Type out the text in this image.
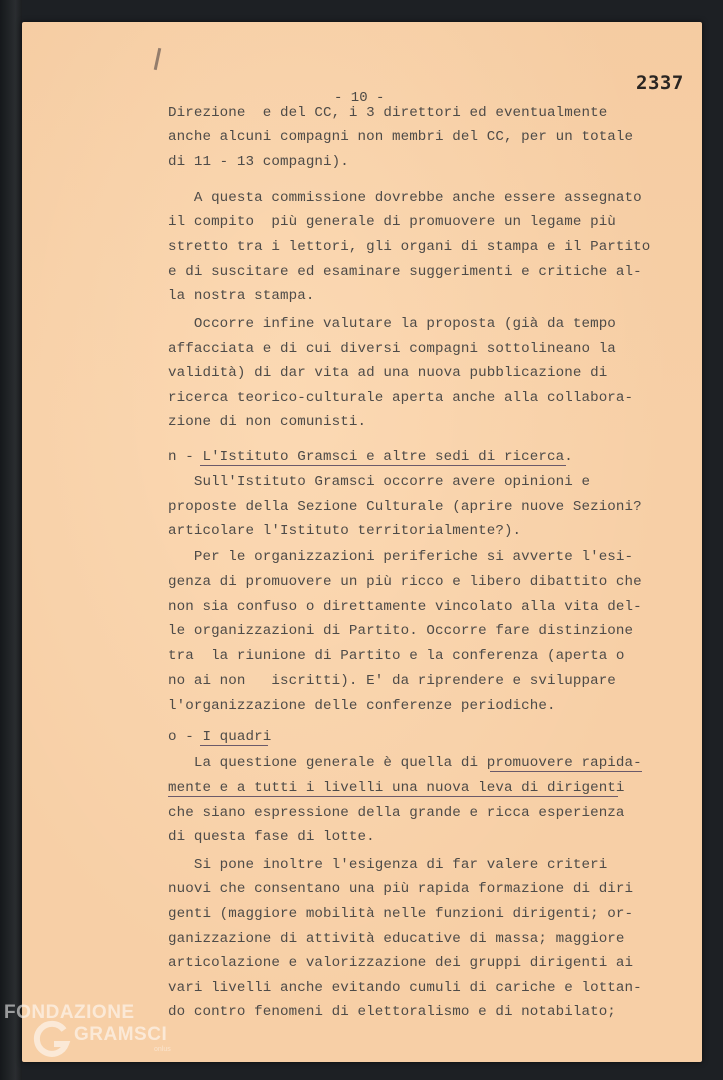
2337
- 10 -
Direzione  e del CC, i 3 direttori ed eventualmente
anche alcuni compagni non membri del CC, per un totale
di 11 - 13 compagni).
A questa commissione dovrebbe anche essere assegnato
il compito  più generale di promuovere un legame più
stretto tra i lettori, gli organi di stampa e il Partito
e di suscitare ed esaminare suggerimenti e critiche al-
la nostra stampa.
Occorre infine valutare la proposta (già da tempo
affacciata e di cui diversi compagni sottolineano la
validità) di dar vita ad una nuova pubblicazione di
ricerca teorico-culturale aperta anche alla collabora-
zione di non comunisti.
n - L'Istituto Gramsci e altre sedi di ricerca.
Sull'Istituto Gramsci occorre avere opinioni e
proposte della Sezione Culturale (aprire nuove Sezioni?
articolare l'Istituto territorialmente?).
Per le organizzazioni periferiche si avverte l'esi-
genza di promuovere un più ricco e libero dibattito che
non sia confuso o direttamente vincolato alla vita del-
le organizzazioni di Partito. Occorre fare distinzione
tra  la riunione di Partito e la conferenza (aperta o
no ai non   iscritti). E' da riprendere e sviluppare
l'organizzazione delle conferenze periodiche.
o - I quadri
La questione generale è quella di promuovere rapida-
mente e a tutti i livelli una nuova leva di dirigenti
che siano espressione della grande e ricca esperienza
di questa fase di lotte.
Si pone inoltre l'esigenza di far valere criteri
nuovi che consentano una più rapida formazione di diri
genti (maggiore mobilità nelle funzioni dirigenti; or-
ganizzazione di attività educative di massa; maggiore
articolazione e valorizzazione dei gruppi dirigenti ai
vari livelli anche evitando cumuli di cariche e lottan-
do contro fenomeni di elettoralismo e di notabilato;
FONDAZIONE
GRAMSCI
onlus
